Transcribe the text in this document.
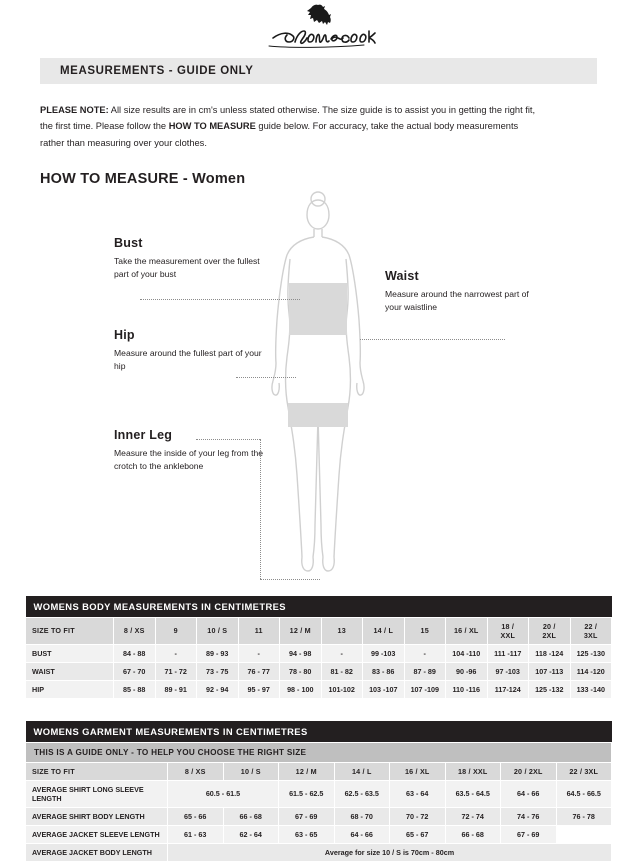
MEASUREMENTS - GUIDE ONLY

PLEASE NOTE: All size results are in cm's unless stated otherwise. The size guide is to assist you in getting the right fit, the first time. Please follow the HOW TO MEASURE guide below. For accuracy, take the actual body measurements rather than measuring over your clothes.

HOW TO MEASURE - Women
Bust
Take the measurement over the fullest part of your bust	Waist
Measure around the narrowest part of your waistline
Hip
Measure around the fullest part of your hip
Inner Leg
Measure the inside of your leg from the crotch to the anklebone
WOMENS BODY MEASUREMENTS IN CENTIMETRES												
SIZE TO FIT	8 / XS	9	10 / S	11	12 / M	13	14 / L	15	16 / XL	18 / XXL	20 / 2XL	22 / 3XL
BUST	84 - 88	-	89 - 93	-	94 - 98	-	99 -103	-	104 -110	111 -117	118 -124	125 -130
WAIST	67 - 70	71 - 72	73 - 75	76 - 77	78 - 80	81 - 82	83 - 86	87 - 89	90 -96	97 -103	107 -113	114 -120
HIP	85 - 88	89 - 91	92 - 94	95 - 97	98 - 100	101-102	103 -107	107 -109	110 -116	117-124	125 -132	133 -140
WOMENS GARMENT MEASUREMENTS IN CENTIMETRES								
THIS IS A GUIDE ONLY - TO HELP YOU CHOOSE THE RIGHT SIZE								
SIZE TO FIT	8 / XS	10 / S	12 / M	14 / L	16 / XL	18 / XXL	20 / 2XL	22 / 3XL
AVERAGE SHIRT LONG SLEEVE LENGTH	60.5 - 61.5		61.5 - 62.5	62.5 - 63.5	63 - 64	63.5 - 64.5	64 - 66	64.5 - 66.5
AVERAGE SHIRT BODY LENGTH	65 - 66	66 - 68	67 - 69	68 - 70	70 - 72	72 - 74	74 - 76	76 - 78
AVERAGE JACKET SLEEVE LENGTH	61 - 63	62 - 64	63 - 65	64 - 66	65 - 67	66 - 68	67 - 69	
AVERAGE JACKET BODY LENGTH	Average for size 10 / S is 70cm - 80cm							
